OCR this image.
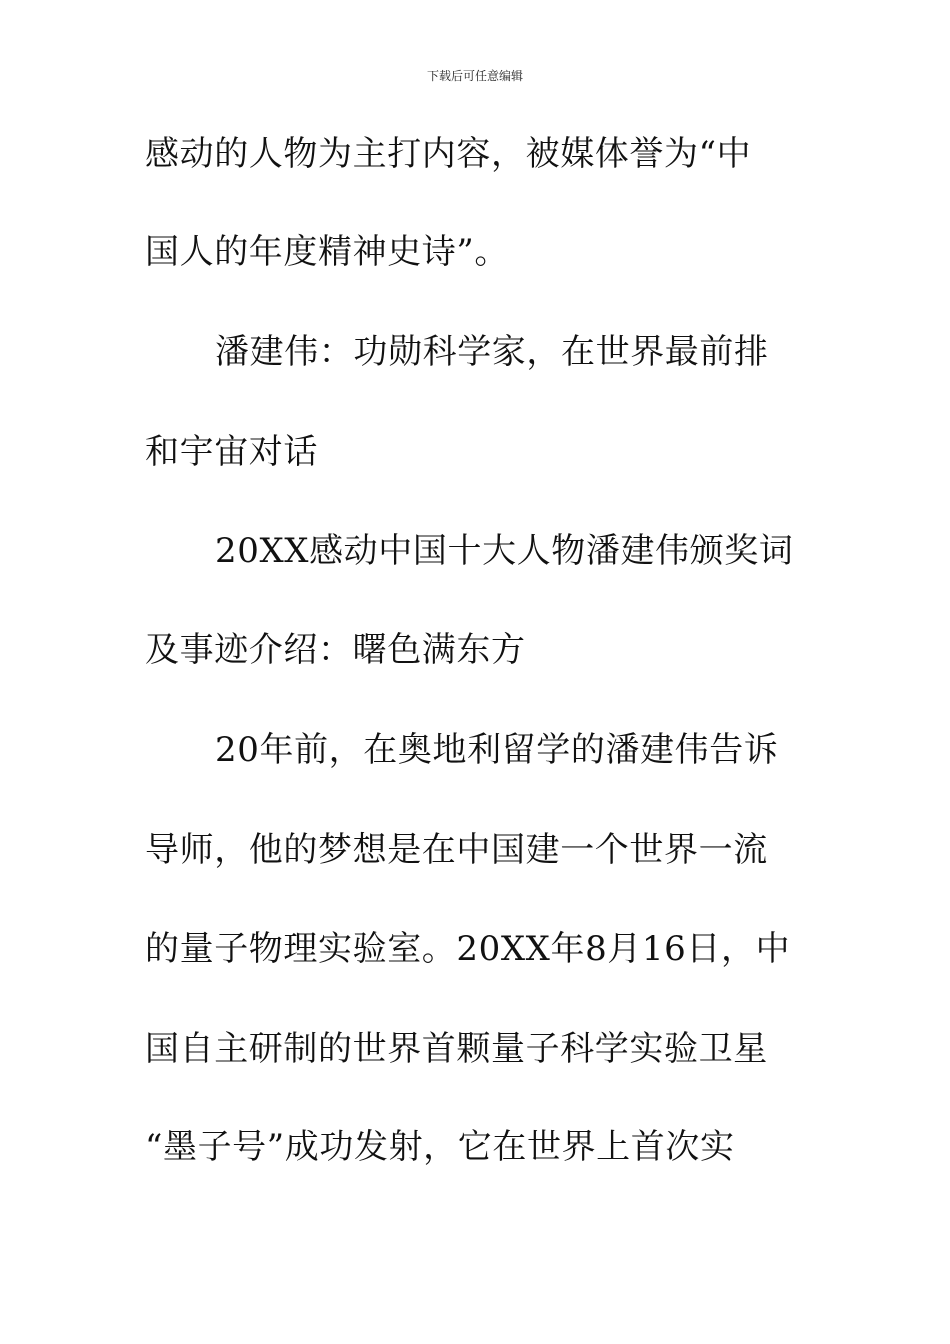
下载后可任意编辑
感动的人物为主打内容，被媒体誉为“中
国人的年度精神史诗”。
潘建伟：功勋科学家，在世界最前排
和宇宙对话
20XX感动中国十大人物潘建伟颁奖词
及事迹介绍：曙色满东方
20年前，在奥地利留学的潘建伟告诉
导师，他的梦想是在中国建一个世界一流
的量子物理实验室。20XX年8月16日，中
国自主研制的世界首颗量子科学实验卫星
“墨子号”成功发射，它在世界上首次实
